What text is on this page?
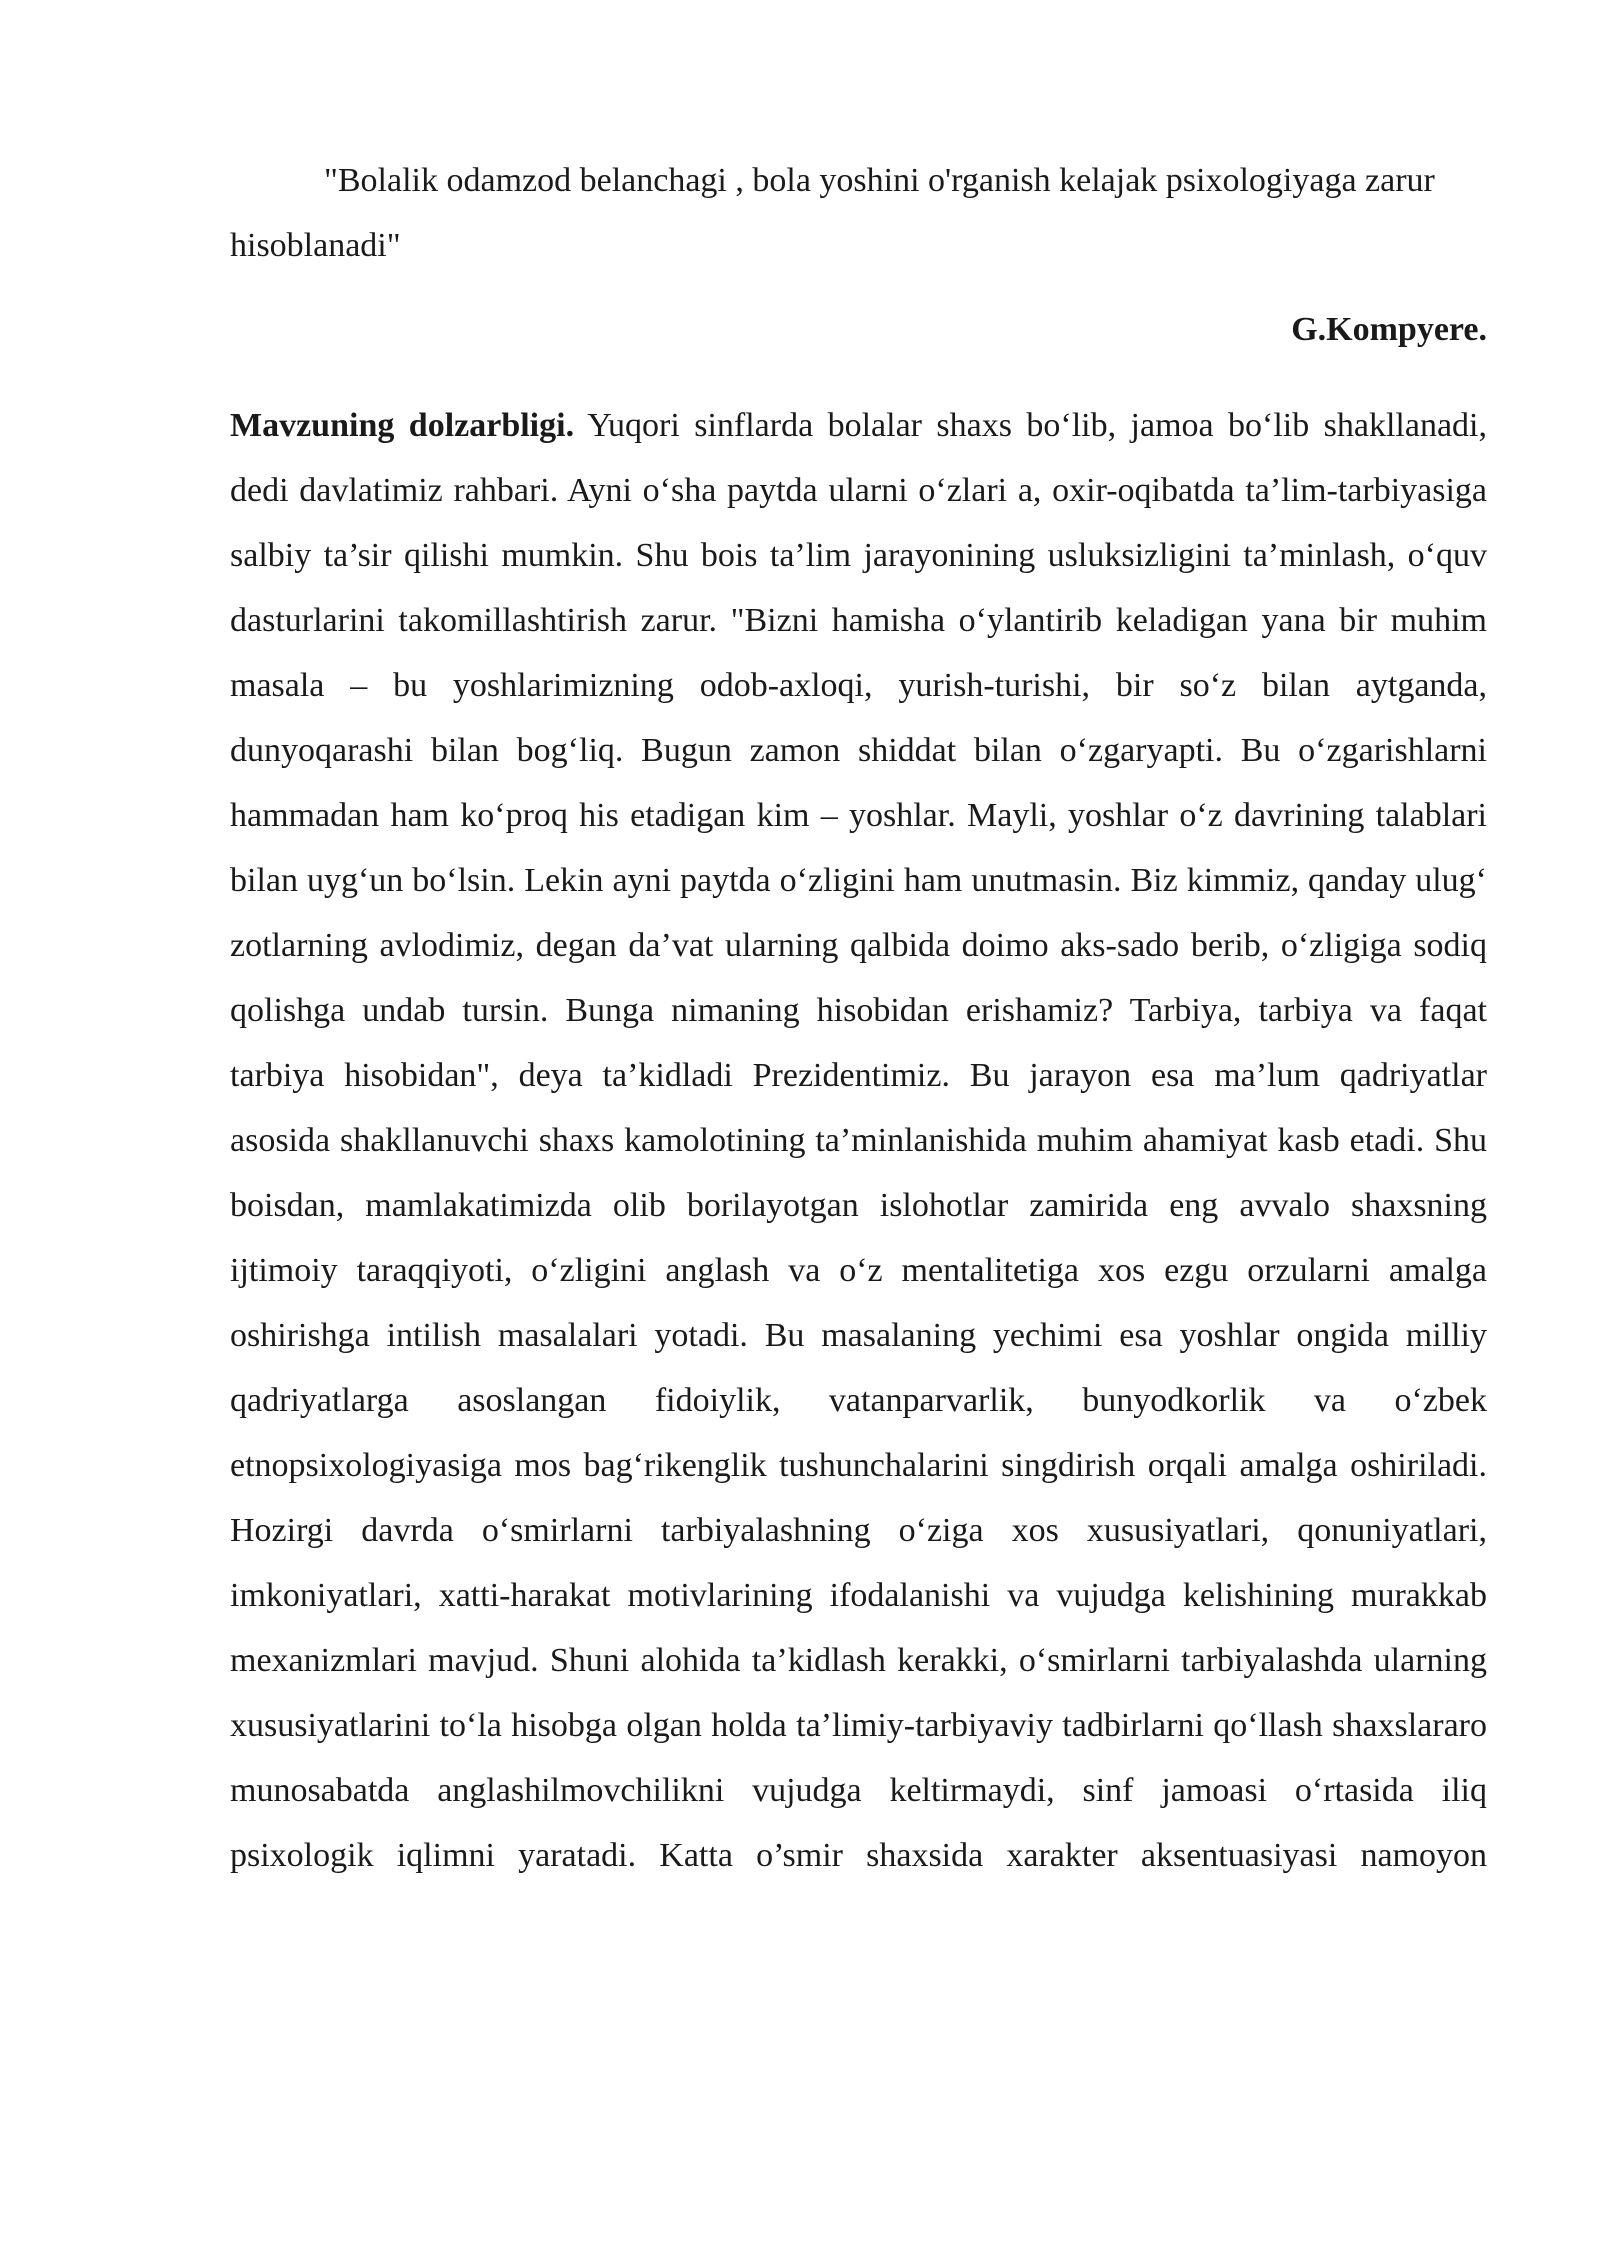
"Bolalik odamzod belanchagi , bola yoshini o'rganish kelajak psixologiyaga zarur hisoblanadi"

G.Kompyere.

Mavzuning dolzarbligi. Yuqori sinflarda bolalar shaxs bo‘lib, jamoa bo‘lib shakllanadi, dedi davlatimiz rahbari. Ayni o‘sha paytda ularni o‘zlari a, oxir-oqibatda ta’lim-tarbiyasiga salbiy ta’sir qilishi mumkin. Shu bois ta’lim jarayonining usluksizligini ta’minlash, o‘quv dasturlarini takomillashtirish zarur. "Bizni hamisha o‘ylantirib keladigan yana bir muhim masala – bu yoshlarimizning odob-axloqi, yurish-turishi, bir so‘z bilan aytganda, dunyoqarashi bilan bog‘liq. Bugun zamon shiddat bilan o‘zgaryapti. Bu o‘zgarishlarni hammadan ham ko‘proq his etadigan kim – yoshlar. Mayli, yoshlar o‘z davrining talablari bilan uyg‘un bo‘lsin. Lekin ayni paytda o‘zligini ham unutmasin. Biz kimmiz, qanday ulug‘ zotlarning avlodimiz, degan da’vat ularning qalbida doimo aks-sado berib, o‘zligiga sodiq qolishga undab tursin. Bunga nimaning hisobidan erishamiz? Tarbiya, tarbiya va faqat tarbiya hisobidan", deya ta’kidladi Prezidentimiz. Bu jarayon esa ma’lum qadriyatlar asosida shakllanuvchi shaxs kamolotining ta’minlanishida muhim ahamiyat kasb etadi. Shu boisdan, mamlakatimizda olib borilayotgan islohotlar zamirida eng avvalo shaxsning ijtimoiy taraqqiyoti, o‘zligini anglash va o‘z mentalitetiga xos ezgu orzularni amalga oshirishga intilish masalalari yotadi. Bu masalaning yechimi esa yoshlar ongida milliy qadriyatlarga asoslangan fidoiylik, vatanparvarlik, bunyodkorlik va o‘zbek etnopsixologiyasiga mos bag‘rikenglik tushunchalarini singdirish orqali amalga oshiriladi. Hozirgi davrda o‘smirlarni tarbiyalashning o‘ziga xos xususiyatlari, qonuniyatlari, imkoniyatlari, xatti-harakat motivlarining ifodalanishi va vujudga kelishining murakkab mexanizmlari mavjud. Shuni alohida ta’kidlash kerakki, o‘smirlarni tarbiyalashda ularning xususiyatlarini to‘la hisobga olgan holda ta’limiy-tarbiyaviy tadbirlarni qo‘llash shaxslararo munosabatda anglashilmovchilikni vujudga keltirmaydi, sinf jamoasi o‘rtasida iliq psixologik iqlimni yaratadi. Katta o’smir shaxsida xarakter aksentuasiyasi namoyon
